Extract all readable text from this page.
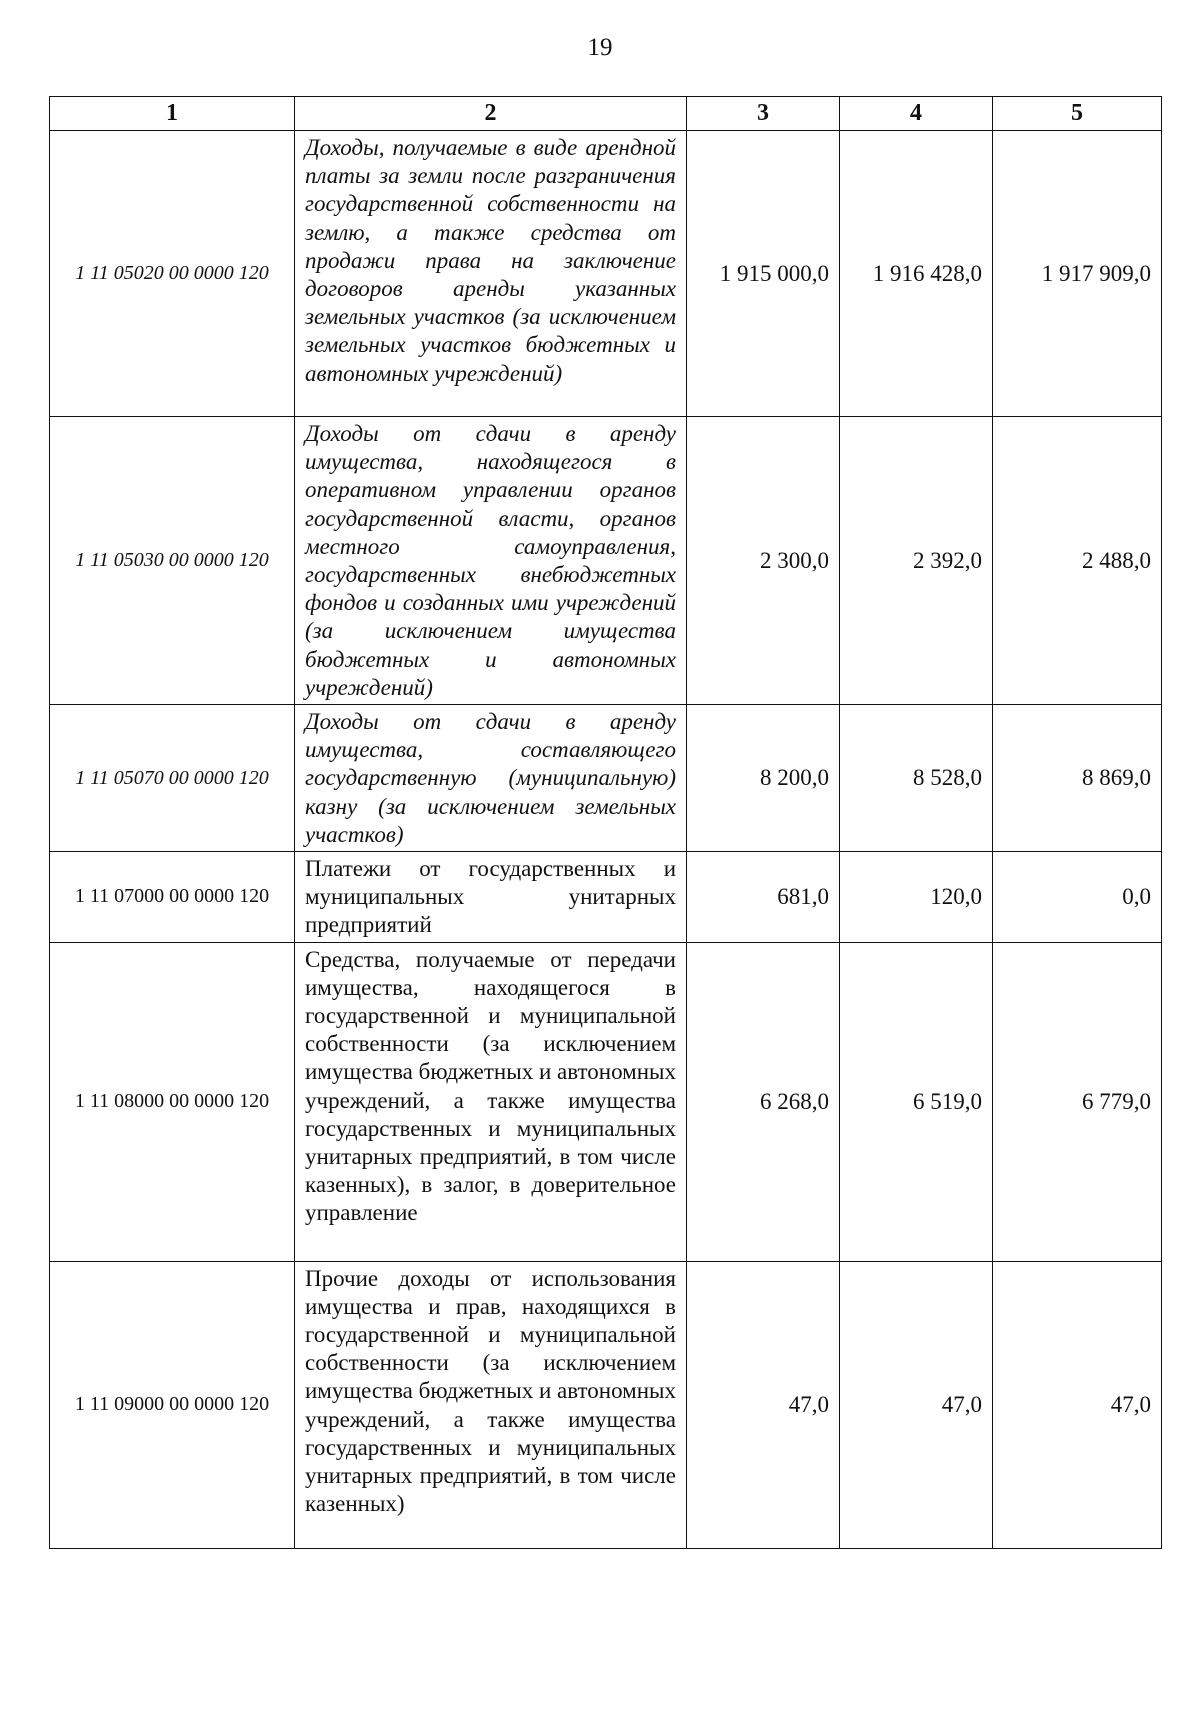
19
1	2	3	4	5
1 11 05020 00 0000 120	Доходы, получаемые в виде арендной платы за земли после разграничения государственной собственности на землю, а также средства от продажи права на заключение договоров аренды указанных земельных участков (за исключением земельных участков бюджетных и автономных учреждений)	1 915 000,0	1 916 428,0	1 917 909,0
1 11 05030 00 0000 120	Доходы от сдачи в аренду имущества, находящегося в оперативном управлении органов государственной власти, органов местного самоуправления, государственных внебюджетных фондов и созданных ими учреждений (за исключением имущества бюджетных и автономных учреждений)	2 300,0	2 392,0	2 488,0
1 11 05070 00 0000 120	Доходы от сдачи в аренду имущества, составляющего государственную (муниципальную) казну (за исключением земельных участков)	8 200,0	8 528,0	8 869,0
1 11 07000 00 0000 120	Платежи от государственных и муниципальных унитарных предприятий	681,0	120,0	0,0
1 11 08000 00 0000 120	Средства, получаемые от передачи имущества, находящегося в государственной и муниципальной собственности (за исключением имущества бюджетных и автономных учреждений, а также имущества государственных и муниципальных унитарных предприятий, в том числе казенных), в залог, в доверительное управление	6 268,0	6 519,0	6 779,0
1 11 09000 00 0000 120	Прочие доходы от использования имущества и прав, находящихся в государственной и муниципальной собственности (за исключением имущества бюджетных и автономных учреждений, а также имущества государственных и муниципальных унитарных предприятий, в том числе казенных)	47,0	47,0	47,0
